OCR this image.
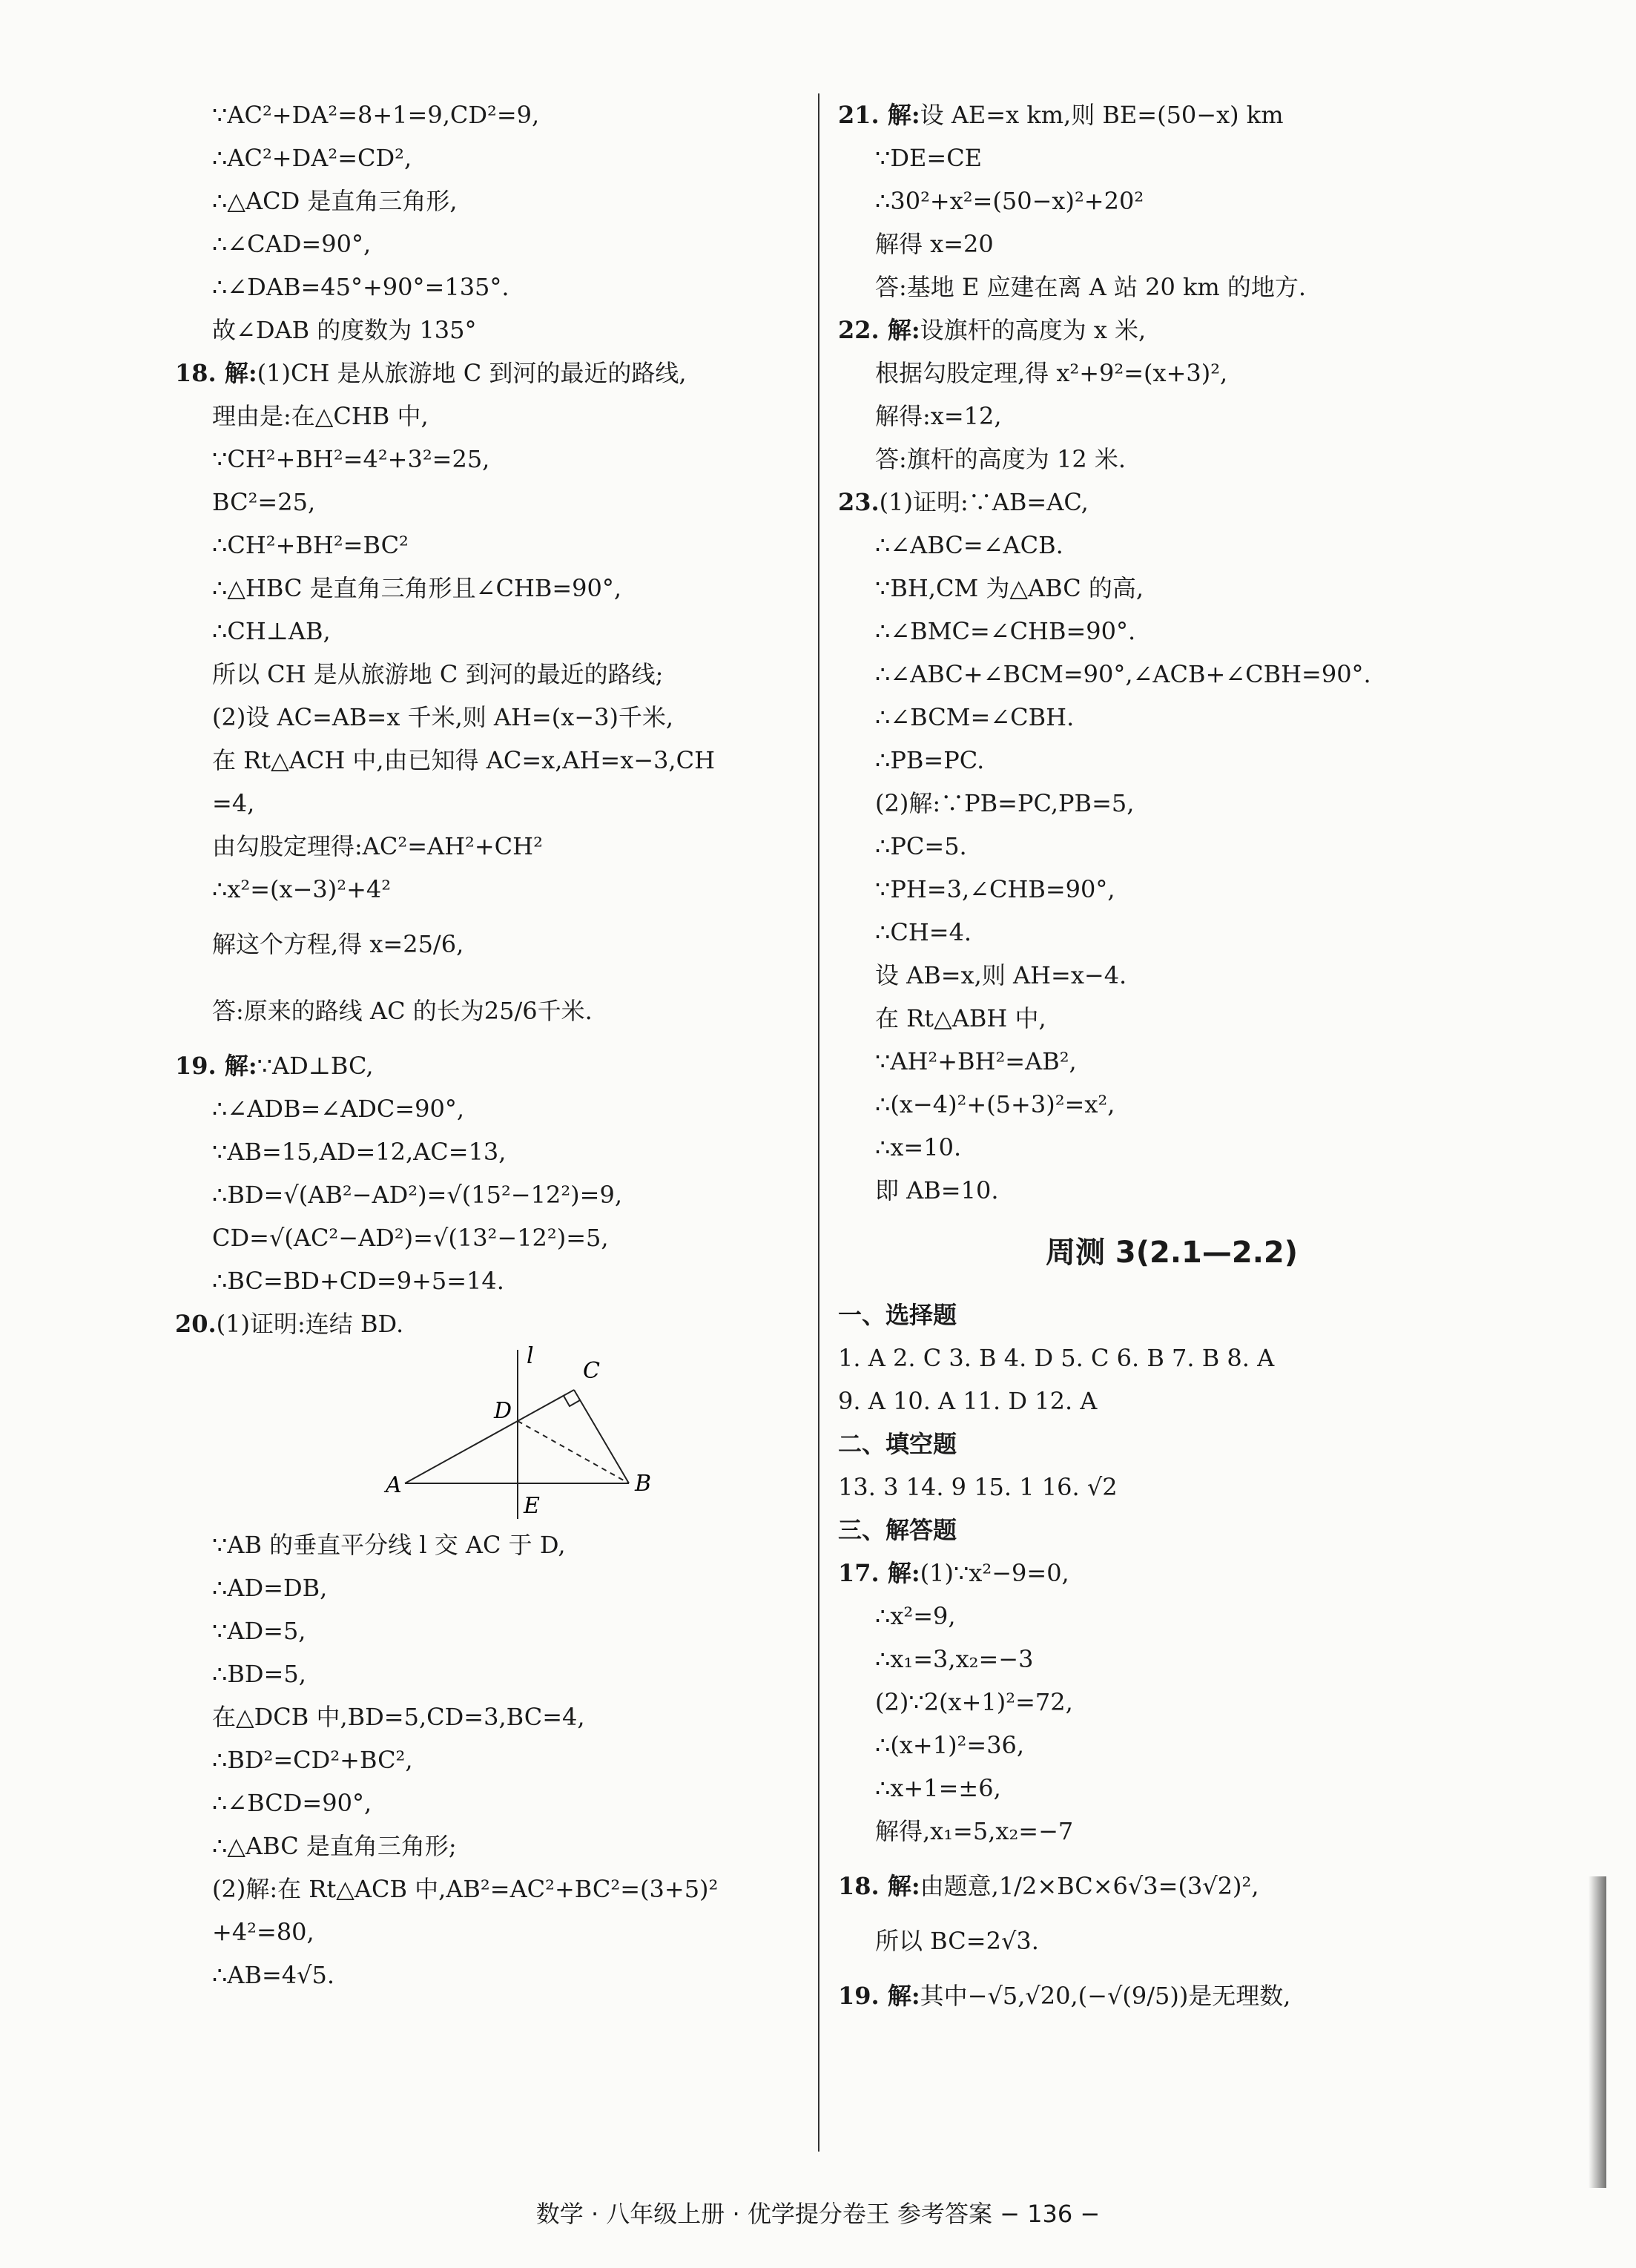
∵AC²+DA²=8+1=9,CD²=9,
∴AC²+DA²=CD²,
∴△ACD 是直角三角形,
∴∠CAD=90°,
∴∠DAB=45°+90°=135°.
故∠DAB 的度数为 135°
18. 解:(1)CH 是从旅游地 C 到河的最近的路线,
理由是:在△CHB 中,
∵CH²+BH²=4²+3²=25,
BC²=25,
∴CH²+BH²=BC²
∴△HBC 是直角三角形且∠CHB=90°,
∴CH⊥AB,
所以 CH 是从旅游地 C 到河的最近的路线;
(2)设 AC=AB=x 千米,则 AH=(x−3)千米,
在 Rt△ACH 中,由已知得 AC=x,AH=x−3,CH
=4,
由勾股定理得:AC²=AH²+CH²
∴x²=(x−3)²+4²
解这个方程,得 x=25/6,
答:原来的路线 AC 的长为25/6千米.
19. 解:∵AD⊥BC,
∴∠ADB=∠ADC=90°,
∵AB=15,AD=12,AC=13,
∴BD=√(AB²−AD²)=√(15²−12²)=9,
CD=√(AC²−AD²)=√(13²−12²)=5,
∴BC=BD+CD=9+5=14.
20.(1)证明:连结 BD.
l
C
D
A	B
E
∵AB 的垂直平分线 l 交 AC 于 D,
∴AD=DB,
∵AD=5,
∴BD=5,
在△DCB 中,BD=5,CD=3,BC=4,
∴BD²=CD²+BC²,
∴∠BCD=90°,
∴△ABC 是直角三角形;
(2)解:在 Rt△ACB 中,AB²=AC²+BC²=(3+5)²
+4²=80,
∴AB=4√5.
21. 解:设 AE=x km,则 BE=(50−x) km
∵DE=CE
∴30²+x²=(50−x)²+20²
解得 x=20
答:基地 E 应建在离 A 站 20 km 的地方.
22. 解:设旗杆的高度为 x 米,
根据勾股定理,得 x²+9²=(x+3)²,
解得:x=12,
答:旗杆的高度为 12 米.
23.(1)证明:∵AB=AC,
∴∠ABC=∠ACB.
∵BH,CM 为△ABC 的高,
∴∠BMC=∠CHB=90°.
∴∠ABC+∠BCM=90°,∠ACB+∠CBH=90°.
∴∠BCM=∠CBH.
∴PB=PC.
(2)解:∵PB=PC,PB=5,
∴PC=5.
∵PH=3,∠CHB=90°,
∴CH=4.
设 AB=x,则 AH=x−4.
在 Rt△ABH 中,
∵AH²+BH²=AB²,
∴(x−4)²+(5+3)²=x²,
∴x=10.
即 AB=10.
周测 3(2.1—2.2)
一、选择题
1. A 2. C 3. B 4. D 5. C 6. B 7. B 8. A
9. A 10. A 11. D 12. A
二、填空题
13. 3 14. 9 15. 1 16. √2
三、解答题
17. 解:(1)∵x²−9=0,
∴x²=9,
∴x₁=3,x₂=−3
(2)∵2(x+1)²=72,
∴(x+1)²=36,
∴x+1=±6,
解得,x₁=5,x₂=−7
18. 解:由题意,1/2×BC×6√3=(3√2)²,
所以 BC=2√3.
19. 解:其中−√5,√20,(−√(9/5))是无理数,
数学 · 八年级上册 · 优学提分卷王 参考答案 − 136 −
